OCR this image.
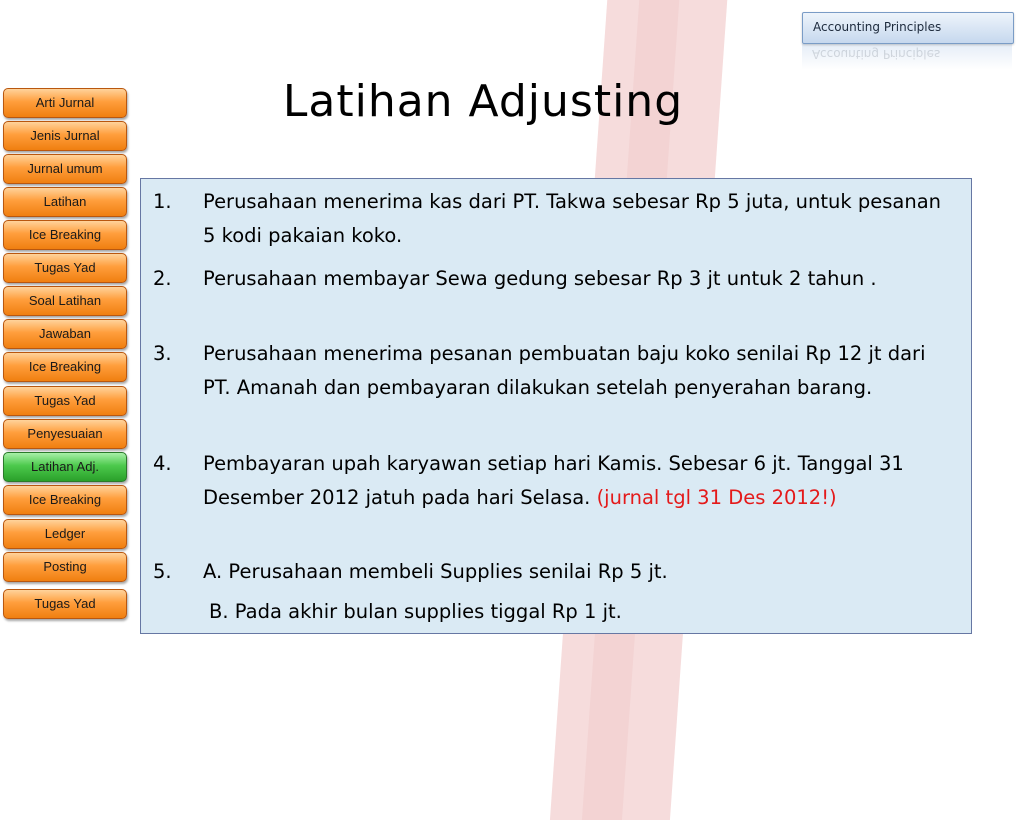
Accounting Principles
Accounting Principles
Latihan Adjusting
Arti Jurnal
Jenis Jurnal
Jurnal umum
Latihan
Ice Breaking
Tugas Yad
Soal Latihan
Jawaban
Ice Breaking
Tugas Yad
Penyesuaian
Latihan Adj.
Ice Breaking
Ledger
Posting
Tugas Yad
1. Perusahaan menerima kas dari PT. Takwa sebesar Rp 5 juta, untuk pesanan 5 kodi pakaian koko.
2. Perusahaan membayar Sewa gedung sebesar Rp 3 jt untuk 2 tahun .
3. Perusahaan menerima pesanan pembuatan baju koko senilai Rp 12 jt dari PT. Amanah dan pembayaran dilakukan setelah penyerahan barang.
4. Pembayaran upah karyawan setiap hari Kamis. Sebesar 6 jt. Tanggal 31 Desember 2012 jatuh pada hari Selasa. (jurnal tgl 31 Des 2012!)
5. A. Perusahaan membeli Supplies senilai Rp 5 jt.
B. Pada akhir bulan supplies tiggal Rp 1 jt.
